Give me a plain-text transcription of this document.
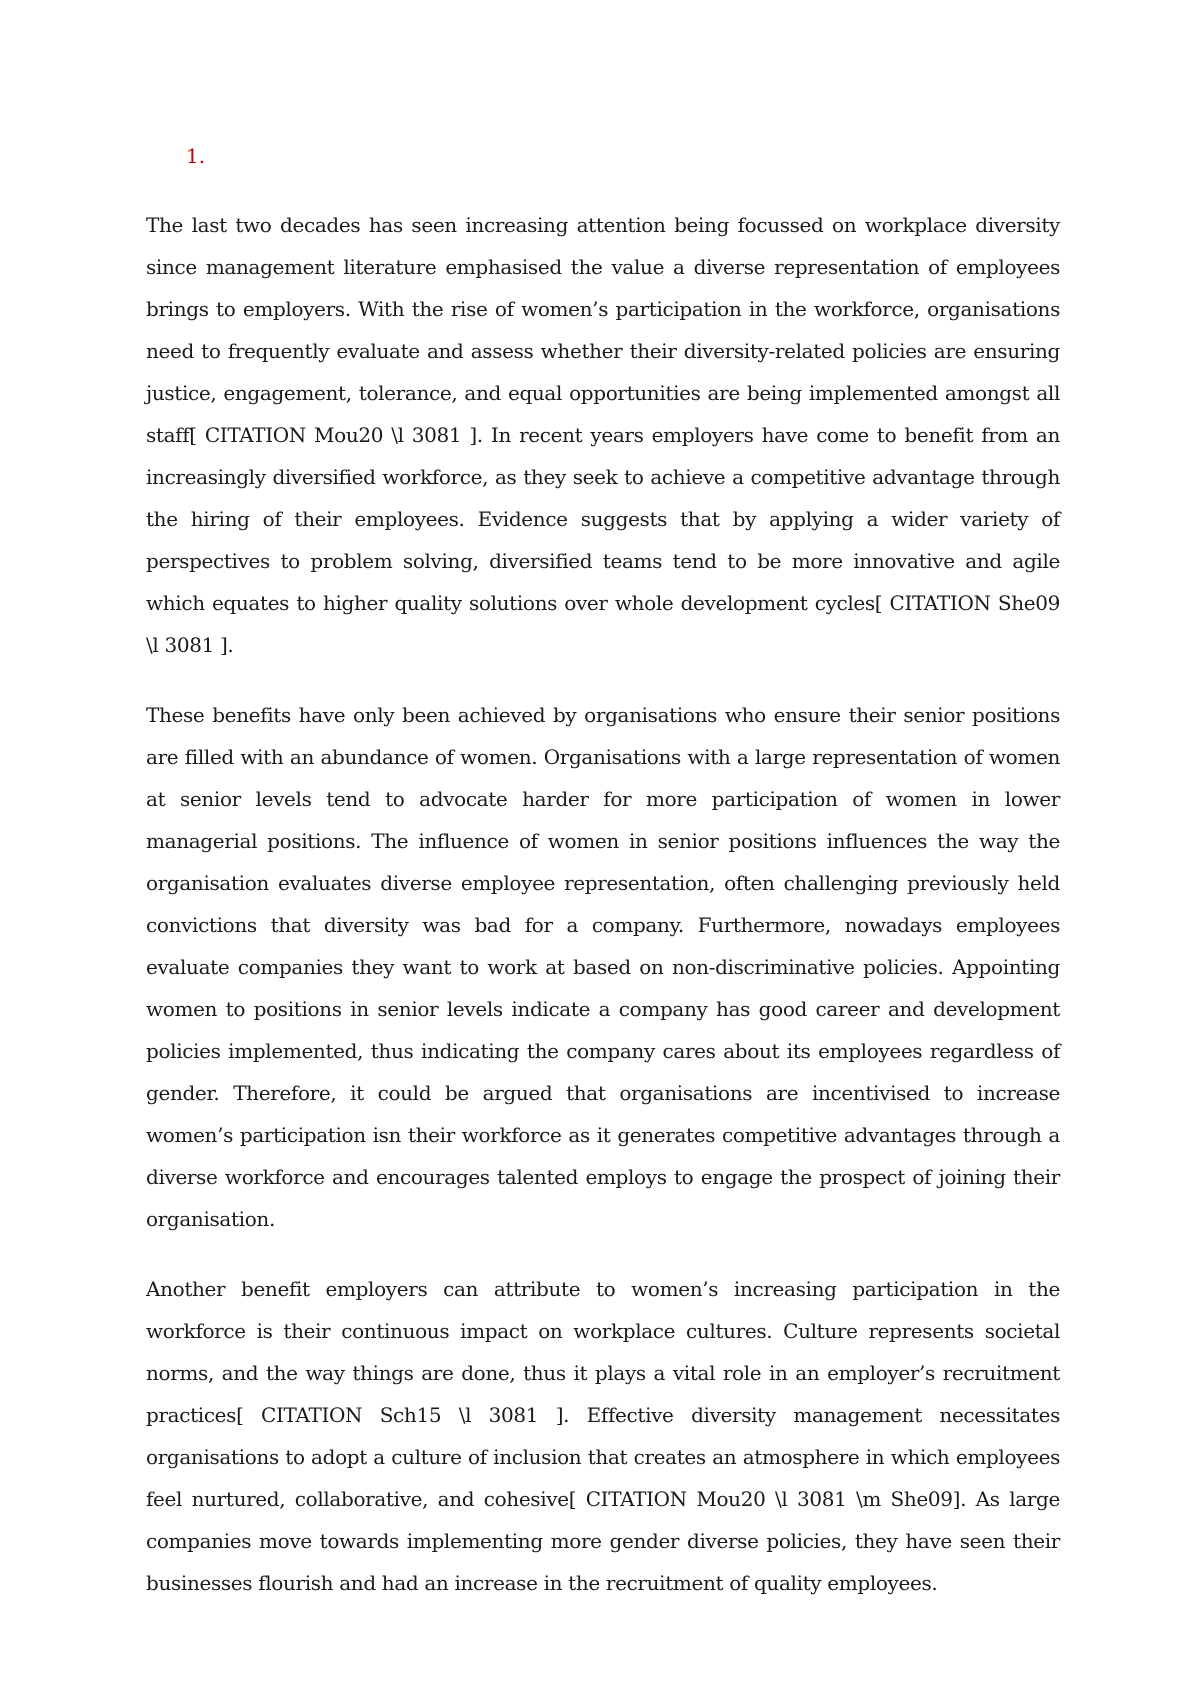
1.

The last two decades has seen increasing attention being focussed on workplace diversity since management literature emphasised the value a diverse representation of employees brings to employers. With the rise of women’s participation in the workforce, organisations need to frequently evaluate and assess whether their diversity-related policies are ensuring justice, engagement, tolerance, and equal opportunities are being implemented amongst all staff[ CITATION Mou20 \l 3081 ]. In recent years employers have come to benefit from an increasingly diversified workforce, as they seek to achieve a competitive advantage through the hiring of their employees. Evidence suggests that by applying a wider variety of perspectives to problem solving, diversified teams tend to be more innovative and agile which equates to higher quality solutions over whole development cycles[ CITATION She09 \l 3081 ].

These benefits have only been achieved by organisations who ensure their senior positions are filled with an abundance of women. Organisations with a large representation of women at senior levels tend to advocate harder for more participation of women in lower managerial positions. The influence of women in senior positions influences the way the organisation evaluates diverse employee representation, often challenging previously held convictions that diversity was bad for a company. Furthermore, nowadays employees evaluate companies they want to work at based on non-discriminative policies. Appointing women to positions in senior levels indicate a company has good career and development policies implemented, thus indicating the company cares about its employees regardless of gender. Therefore, it could be argued that organisations are incentivised to increase women’s participation isn their workforce as it generates competitive advantages through a diverse workforce and encourages talented employs to engage the prospect of joining their organisation.

Another benefit employers can attribute to women’s increasing participation in the workforce is their continuous impact on workplace cultures. Culture represents societal norms, and the way things are done, thus it plays a vital role in an employer’s recruitment practices[ CITATION Sch15 \l 3081 ]. Effective diversity management necessitates organisations to adopt a culture of inclusion that creates an atmosphere in which employees feel nurtured, collaborative, and cohesive[ CITATION Mou20 \l 3081 \m She09]. As large companies move towards implementing more gender diverse policies, they have seen their businesses flourish and had an increase in the recruitment of quality employees.
